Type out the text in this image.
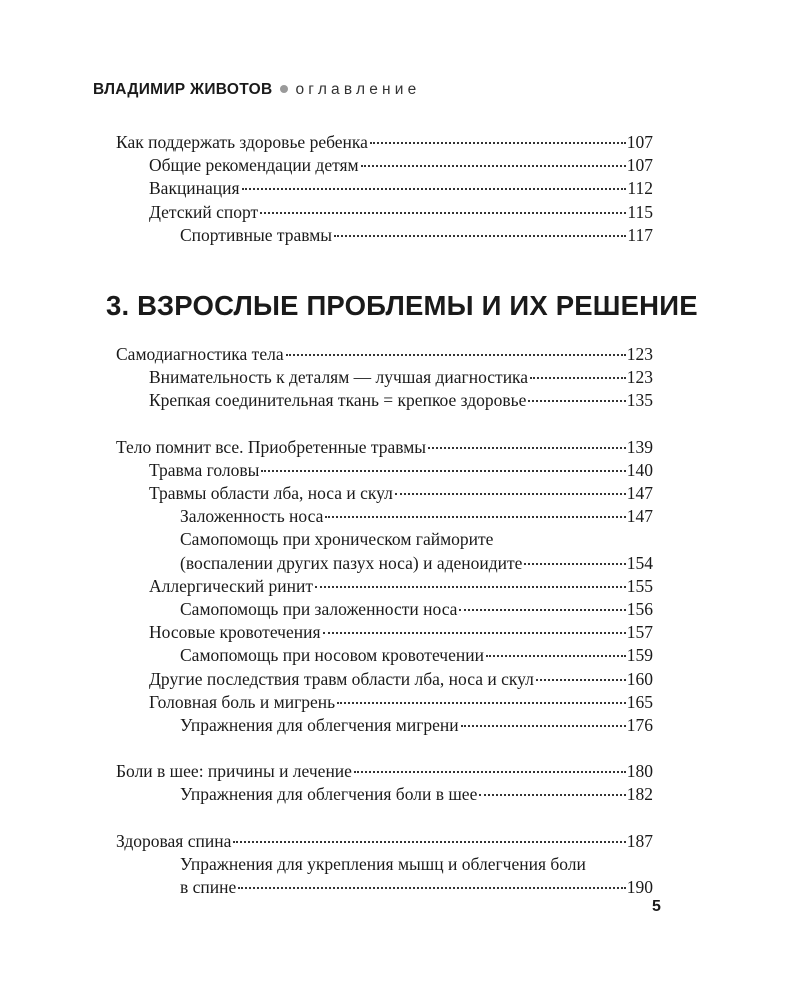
ВЛАДИМИР ЖИВОТОВ оглавление
Как поддержать здоровье ребенка	107
Общие рекомендации детям	107
Вакцинация	112
Детский спорт	115
Спортивные травмы	117
3. ВЗРОСЛЫЕ ПРОБЛЕМЫ И ИХ РЕШЕНИЕ
Самодиагностика тела	123
Внимательность к деталям — лучшая диагностика	123
Крепкая соединительная ткань = крепкое здоровье	135
Тело помнит все. Приобретенные травмы	139
Травма головы	140
Травмы области лба, носа и скул	147
Заложенность носа	147
Самопомощь при хроническом гайморите
(воспалении других пазух носа) и аденоидите	154
Аллергический ринит	155
Самопомощь при заложенности носа	156
Носовые кровотечения	157
Самопомощь при носовом кровотечении	159
Другие последствия травм области лба, носа и скул	160
Головная боль и мигрень	165
Упражнения для облегчения мигрени	176
Боли в шее: причины и лечение	180
Упражнения для облегчения боли в шее	182
Здоровая спина	187
Упражнения для укрепления мышц и облегчения боли
в спине	190
5
